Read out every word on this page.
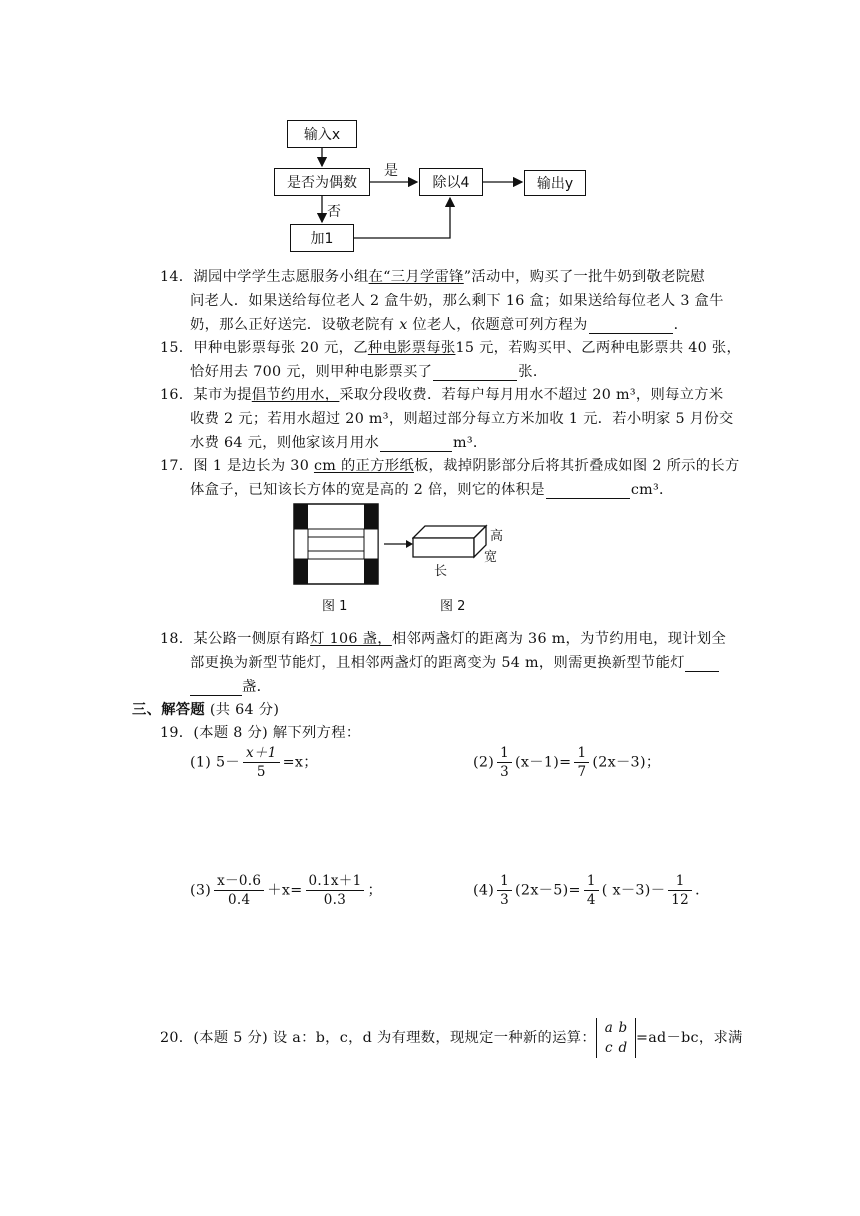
输入x
是否为偶数	除以4	输出y
加1
是
否
14．湖园中学学生志愿服务小组在“三月学雷锋”活动中，购买了一批牛奶到敬老院慰
问老人．如果送给每位老人 2 盒牛奶，那么剩下 16 盒；如果送给每位老人 3 盒牛
奶，那么正好送完．设敬老院有 x 位老人，依题意可列方程为	．
15．甲种电影票每张 20 元，乙种电影票每张15 元，若购买甲、乙两种电影票共 40 张，
恰好用去 700 元，则甲种电影票买了	张．
16．某市为提倡节约用水，采取分段收费．若每户每月用水不超过 20 m³，则每立方米
收费 2 元；若用水超过 20 m³，则超过部分每立方米加收 1 元．若小明家 5 月份交
水费 64 元，则他家该月用水	m³．
17．图 1 是边长为 30 cm 的正方形纸板，裁掉阴影部分后将其折叠成如图 2 所示的长方
体盒子，已知该长方体的宽是高的 2 倍，则它的体积是	cm³．
高
宽
长
图 1	图 2
18．某公路一侧原有路灯 106 盏，相邻两盏灯的距离为 36 m，为节约用电，现计划全
部更换为新型节能灯，且相邻两盏灯的距离变为 54 m，则需更换新型节能灯
盏．
三、解答题 (共 64 分)
19．(本题 8 分) 解下列方程：
(1) $5- \frac{x+1}{5} =x$；	$(2) \frac{1}{3} (x-1)= \frac{1}{7} (2x-3)$；
$(3) \frac{x-0.6}{0.4} +x= \frac{0.1x+1}{0.3}$ ；	$(4) \frac{1}{3} (2x-5)= \frac{1}{4}$ ( $x-3)- \frac{1}{12}$ ．
20．(本题 5 分) 设 a：b，c，d 为有理数，现规定一种新的运算：a b
c d=ad－bc，求满
